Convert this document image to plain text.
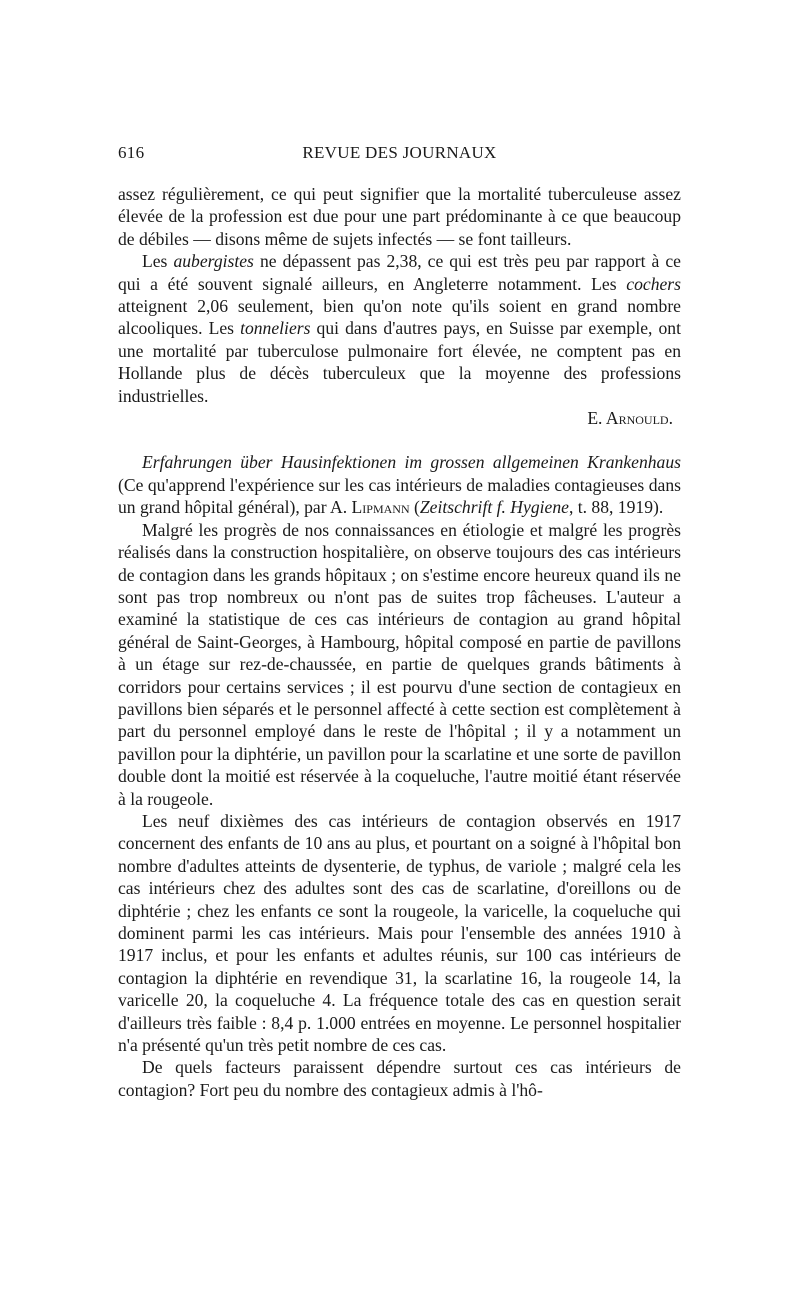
616	REVUE DES JOURNAUX

assez régulièrement, ce qui peut signifier que la mortalité tuberculeuse assez élevée de la profession est due pour une part prédominante à ce que beaucoup de débiles — disons même de sujets infectés — se font tailleurs.

Les aubergistes ne dépassent pas 2,38, ce qui est très peu par rapport à ce qui a été souvent signalé ailleurs, en Angleterre notamment. Les cochers atteignent 2,06 seulement, bien qu'on note qu'ils soient en grand nombre alcooliques. Les tonneliers qui dans d'autres pays, en Suisse par exemple, ont une mortalité par tuberculose pulmonaire fort élevée, ne comptent pas en Hollande plus de décès tuberculeux que la moyenne des professions industrielles.

E. Arnould.

Erfahrungen über Hausinfektionen im grossen allgemeinen Krankenhaus (Ce qu'apprend l'expérience sur les cas intérieurs de maladies contagieuses dans un grand hôpital général), par A. Lipmann (Zeitschrift f. Hygiene, t. 88, 1919).

Malgré les progrès de nos connaissances en étiologie et malgré les progrès réalisés dans la construction hospitalière, on observe toujours des cas intérieurs de contagion dans les grands hôpitaux ; on s'estime encore heureux quand ils ne sont pas trop nombreux ou n'ont pas de suites trop fâcheuses. L'auteur a examiné la statistique de ces cas intérieurs de contagion au grand hôpital général de Saint-Georges, à Hambourg, hôpital composé en partie de pavillons à un étage sur rez-de-chaussée, en partie de quelques grands bâtiments à corridors pour certains services ; il est pourvu d'une section de contagieux en pavillons bien séparés et le personnel affecté à cette section est complètement à part du personnel employé dans le reste de l'hôpital ; il y a notamment un pavillon pour la diphtérie, un pavillon pour la scarlatine et une sorte de pavillon double dont la moitié est réservée à la coqueluche, l'autre moitié étant réservée à la rougeole.

Les neuf dixièmes des cas intérieurs de contagion observés en 1917 concernent des enfants de 10 ans au plus, et pourtant on a soigné à l'hôpital bon nombre d'adultes atteints de dysenterie, de typhus, de variole ; malgré cela les cas intérieurs chez des adultes sont des cas de scarlatine, d'oreillons ou de diphtérie ; chez les enfants ce sont la rougeole, la varicelle, la coqueluche qui dominent parmi les cas intérieurs. Mais pour l'ensemble des années 1910 à 1917 inclus, et pour les enfants et adultes réunis, sur 100 cas intérieurs de contagion la diphtérie en revendique 31, la scarlatine 16, la rougeole 14, la varicelle 20, la coqueluche 4. La fréquence totale des cas en question serait d'ailleurs très faible : 8,4 p. 1.000 entrées en moyenne. Le personnel hospitalier n'a présenté qu'un très petit nombre de ces cas.

De quels facteurs paraissent dépendre surtout ces cas intérieurs de contagion? Fort peu du nombre des contagieux admis à l'hô-
